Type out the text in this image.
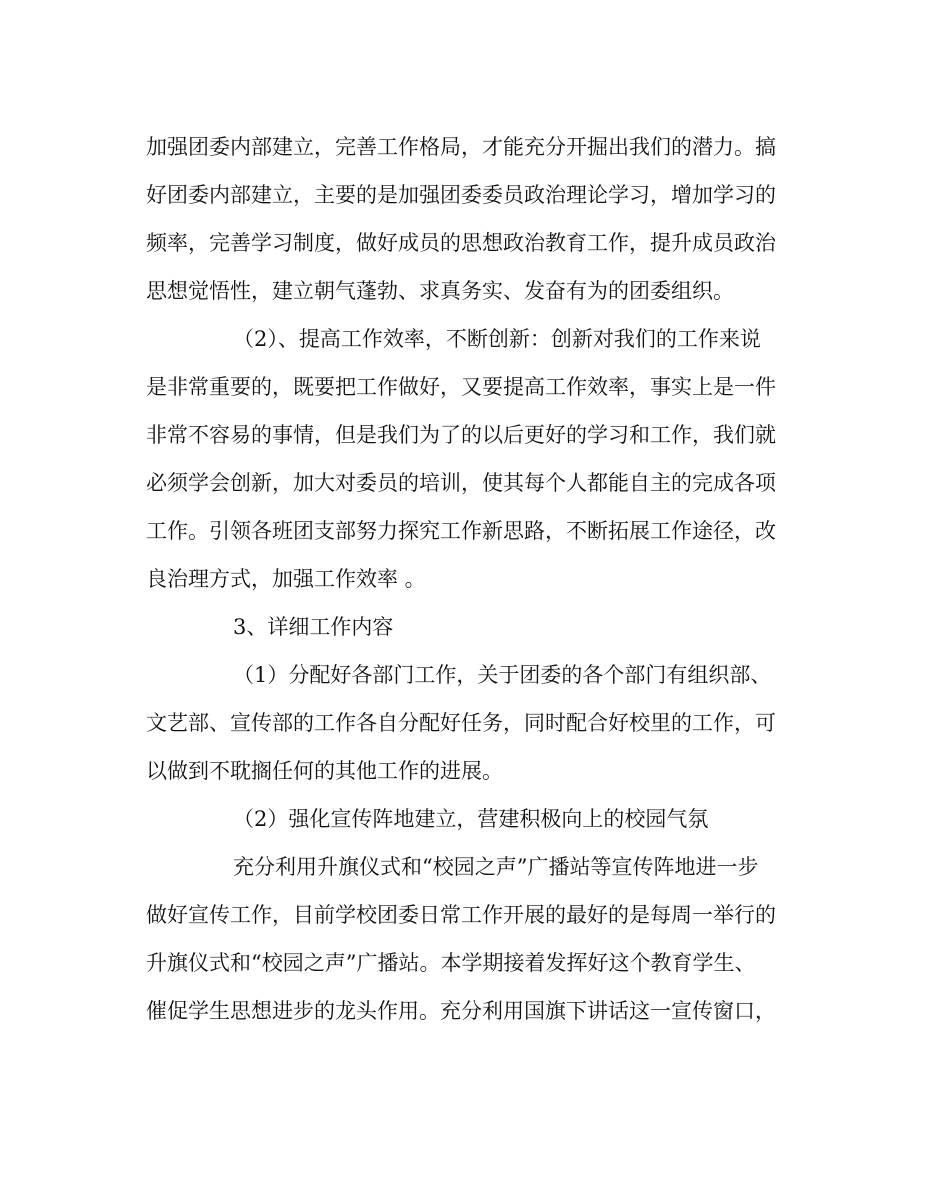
加强团委内部建立，完善工作格局，才能充分开掘出我们的潜力。搞
好团委内部建立，主要的是加强团委委员政治理论学习，增加学习的
频率，完善学习制度，做好成员的思想政治教育工作，提升成员政治
思想觉悟性，建立朝气蓬勃、求真务实、发奋有为的团委组织。
（2）、提高工作效率，不断创新：创新对我们的工作来说
是非常重要的，既要把工作做好，又要提高工作效率，事实上是一件
非常不容易的事情，但是我们为了的以后更好的学习和工作，我们就
必须学会创新，加大对委员的培训，使其每个人都能自主的完成各项
工作。引领各班团支部努力探究工作新思路，不断拓展工作途径，改
良治理方式，加强工作效率 。
3、详细工作内容
（1）分配好各部门工作，关于团委的各个部门有组织部、
文艺部、宣传部的工作各自分配好任务，同时配合好校里的工作，可
以做到不耽搁任何的其他工作的进展。
（2）强化宣传阵地建立，营建积极向上的校园气氛
充分利用升旗仪式和“校园之声”广播站等宣传阵地进一步
做好宣传工作，目前学校团委日常工作开展的最好的是每周一举行的
升旗仪式和“校园之声”广播站。本学期接着发挥好这个教育学生、
催促学生思想进步的龙头作用。充分利用国旗下讲话这一宣传窗口，
